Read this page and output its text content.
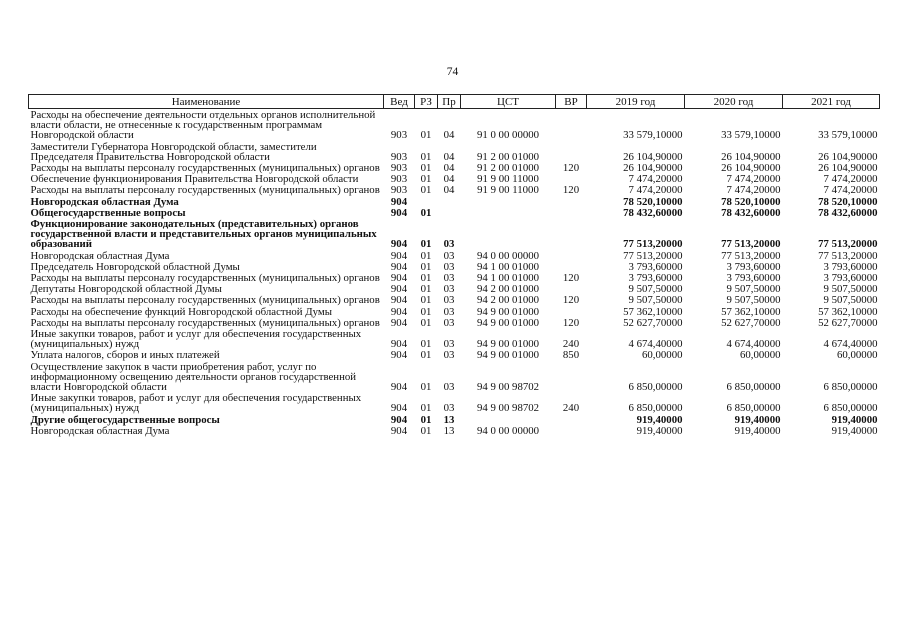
74
Наименование	Вед	РЗ	Пр	ЦСТ	ВР	2019 год	2020 год	2021 год
Расходы на обеспечение деятельности отдельных органов исполнительной власти области, не отнесенные к государственным программам Новгородской области	903	01	04	91 0 00 00000		33 579,10000	33 579,10000	33 579,10000
Заместители Губернатора Новгородской области, заместители Председателя Правительства Новгородской области	903	01	04	91 2 00 01000		26 104,90000	26 104,90000	26 104,90000
Расходы на выплаты персоналу государственных (муниципальных) органов	903	01	04	91 2 00 01000	120	26 104,90000	26 104,90000	26 104,90000
Обеспечение функционирования Правительства Новгородской области	903	01	04	91 9 00 11000		7 474,20000	7 474,20000	7 474,20000
Расходы на выплаты персоналу государственных (муниципальных) органов	903	01	04	91 9 00 11000	120	7 474,20000	7 474,20000	7 474,20000
Новгородская областная Дума	904					78 520,10000	78 520,10000	78 520,10000
Общегосударственные вопросы	904	01				78 432,60000	78 432,60000	78 432,60000
Функционирование законодательных (представительных) органов государственной власти и представительных органов муниципальных образований	904	01	03			77 513,20000	77 513,20000	77 513,20000
Новгородская областная Дума	904	01	03	94 0 00 00000		77 513,20000	77 513,20000	77 513,20000
Председатель Новгородской областной Думы	904	01	03	94 1 00 01000		3 793,60000	3 793,60000	3 793,60000
Расходы на выплаты персоналу государственных (муниципальных) органов	904	01	03	94 1 00 01000	120	3 793,60000	3 793,60000	3 793,60000
Депутаты Новгородской областной Думы	904	01	03	94 2 00 01000		9 507,50000	9 507,50000	9 507,50000
Расходы на выплаты персоналу государственных (муниципальных) органов	904	01	03	94 2 00 01000	120	9 507,50000	9 507,50000	9 507,50000
Расходы на обеспечение функций Новгородской областной Думы	904	01	03	94 9 00 01000		57 362,10000	57 362,10000	57 362,10000
Расходы на выплаты персоналу государственных (муниципальных) органов	904	01	03	94 9 00 01000	120	52 627,70000	52 627,70000	52 627,70000
Иные закупки товаров, работ и услуг для обеспечения государственных (муниципальных) нужд	904	01	03	94 9 00 01000	240	4 674,40000	4 674,40000	4 674,40000
Уплата налогов, сборов и иных платежей	904	01	03	94 9 00 01000	850	60,00000	60,00000	60,00000
Осуществление закупок в части приобретения работ, услуг по информационному освещению деятельности органов государственной власти Новгородской области	904	01	03	94 9 00 98702		6 850,00000	6 850,00000	6 850,00000
Иные закупки товаров, работ и услуг для обеспечения государственных (муниципальных) нужд	904	01	03	94 9 00 98702	240	6 850,00000	6 850,00000	6 850,00000
Другие общегосударственные вопросы	904	01	13			919,40000	919,40000	919,40000
Новгородская областная Дума	904	01	13	94 0 00 00000		919,40000	919,40000	919,40000
